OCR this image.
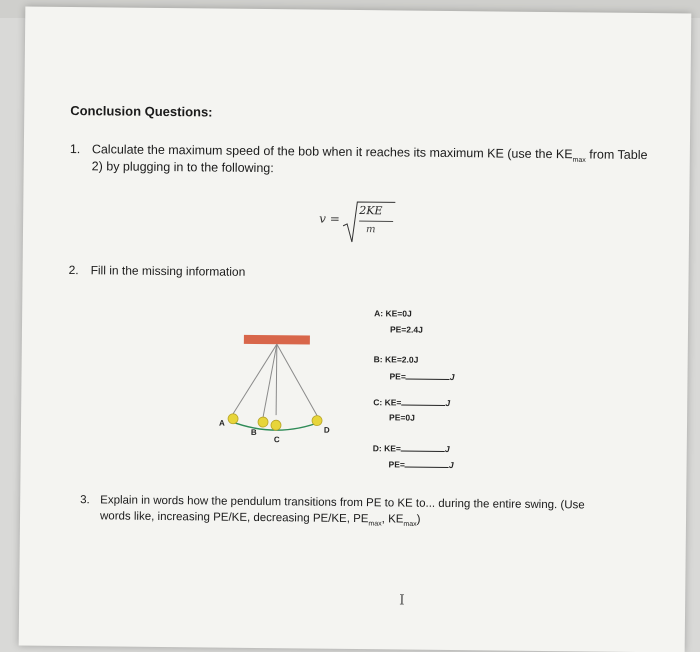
Conclusion Questions:
1. Calculate the maximum speed of the bob when it reaches its maximum KE (use the $KE_{max}$ from Table
2) by plugging in to the following:
v =
2KE
m
2. Fill in the missing information
A
B
C
D
A: KE=0J
PE=2.4J
B: KE=2.0J
PE=	J
C: KE=	J
PE=0J
D: KE=	J
PE=	J
3. Explain in words how the pendulum transitions from PE to KE to... during the entire swing. (Use
words like, increasing PE/KE, decreasing PE/KE, $PE_{max}$, $KE_{max}$)
I
